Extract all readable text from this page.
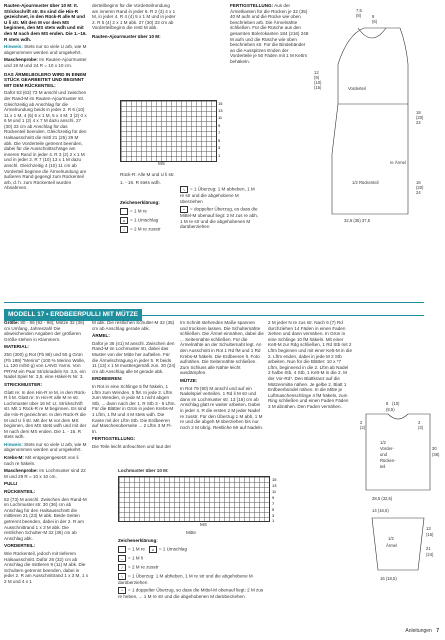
Rauten-Ajourmuster über 10 M: It. Strickschrift str. Es sind die Hin-R gezeichnet, in den Rück-R alle M und U li str. Mit den M vor dem MS beginnen, den MS stets wdh und mit den M nach dem MS enden. Die 1.–16. R stets wdh.

Hinweis: Stets nur so viele U arb, wie M abgenommen werden und umgekehrt.

Maschenprobe: Im Rauten-Ajourmuster und 19 M und 24 R = 10 x 10 cm.

DAS ÄRMELBOLERO WIRD IN EINEM STÜCK GEARBEITET UND BEGINNT MIT DEM RÜCKENTEIL:

Dafür 53 (63) 73 M anschl und zwischen der Rand-M im Rauten-Ajourmuster str. Gleichzeitig ab Anschlag für die Ärmelrundung beids in jeder 2. R 6 (10) 11 x 1 M, 4 (5) 6 x 1 M, 5 x 4 M, 3 (2) 0 x 6 M und 1 (2) 4 x 7 M dazu anschl. 27 (30) 33 cm ab Anschlag für das Rückenteil beenden. Gleichzeitig für den Halsausschnitt die mittl 21 (25) 29 M abk. Die Vorderteile getrennt beenden, dabei für die Ausschnittschräge am inneren Rand in jeder 4. R 3 (2) 2 x 1 M und in jeder 2. R 7 (10) 13 x 1 M dazu anschl. Gleichzeitig 4 (10) 11 cm ab Vorderteil beginne die Ärmelrundung am äußeren Rand gegengl zum Rückenteil arb, d. h. zum Rückenteil wurden Abnahmen.

derteilbeginn für die Vorderteilrundung am inneren Rand in jeder 6. R 2 (3) 4 x 1 M, in jeder 4. R 4 (4) 5 x 1 M und in jeder 2. R 5 (4) 2 x 1 M abk. 27 (30) 33 cm ab Vorderteilbeginn die restl M abk.

Rauten-Ajourmuster über 10 M:

15
13
11
9
7
5
3
1
MS

Rück-R: Alle M und U li str.

1. - 16. R stets wdh.

Zeichenerklärung:

= 1 M re

o = 1 Umschlag

/ = 2 M re zusstr

\ = 1 Überzug: 1 M abheben, 1 M re str und die abgehobene M überziehen

^ = doppelter Überzug, es dass die Mittel-M obenauf liegt: 2 M zus re abh, 1 M re str und die abgehobenen M darüberziehen

FERTIGSTELLUNG: Aus der Ärmelkanten für die Rücken je 32 (35) 40 M aufn und die Rücke wie oben beschrieben arb. Die Ärmelnähte schließen. Für die Rüsche aus den gesamten Bolerokanten 184 (216) 248 M aufn und die Rüsche wie oben beschrieben str. Für die Bindebänder an die Ausspitzen Enden der Vorderteile je 50 Fäden mit 1 M Kettm behäkeln.

7,5
(8)	8
(6)
12
(9)
(10)
(15)	Vorderteil
re Ärmel
1/2 Rückenteil
32,5 (35) 37,5
18
(20)
22
16
(20)
24
MODELL 17 • ERDBEERPULLI MIT MÜTZE

Größe: 80 - 86 (92 - 98); Mütze 32 (36) cm Umfang, Jahreszahl Die abweichenden Angaben der größeren Größe stehen in Klammern.

MATERIAL:

250 (300) g Rot (Fb 86) und 50 g Grün (Fb 189) "Merino" (100 % Merino Wolle, LL 120 m/50 g) von LANG Yarns. Von PRYM ein Paar Stricknadeln Nr. 3,5, ein Nadel Spiel Nr. 3,5, eine Häkel-N Nr. 3.

STRICKMUSTER:

Glatt re: In den Hin-R re M, in den Rück-R li M. Glatt re: In Hin-R alle M re str. Lochmuster über 16 M: Lt. Strickschrift str. Mit 1 Rück-R re M beginnen. Es sind die Hin-R gezeichnet. In den Rück-R die M und U li str. Mit der M vor dem MS beginnen, den MS stets wdh und mit der M nach dem MS enden. Die 1. - 16. R stets wdh.

Hinweis: Stets nur so viele U arb, wie M abgenommen werden und umgekehrt.

Krebs-M: Mit entgegengesetzt von li nach re häkeln.

Maschenprobe: Im Lochmuster sind 22 M und 29 R = 10 x 10 cm.

PULLI

RÜCKENTEIL:

62 (73) M anschl. Zwischen den Rand-M im Lochmuster str. 30 (36) cm ab Anschlag für den Halsausschnitt die mittleren 21 (23) M abk. Beide Seiten getrennt beenden, dabei in der 2. R am Ausschnittrand 1 x 3 M abk. Die restlichen Schulter-M 32 (36) cm ab Anschlag abk.

VORDERTEIL:

Wie Rückenteil, jedoch mit tieferem Halsausschnitt. Dafür 26 (32) cm ab Anschlag die mittleren 9 (11) M abk. Die Schultern getrennt beenden, dabei in jeder 2. R am Ausschnittrand 1 x 3 M, 1 x 2 M und 4 x 1

M abk. Die restlichen Schulter-M 32 (35) cm ab Anschlag gerade abk.

ÄRMEL:

Dafür je 35 (41) M anschl. Zwischen den Rand-M im Lochmuster str, dabei das Muster von der Mitte her aufteilen. Für die Ärmelschrägung in jeder 5. R beids 11 (13) x 1 M musttergemäß zun. 20 (24) cm ab Anschlag alle M gerade abk.

ERDBEEREN:

In Rot in eine Schlinge 5 fM häkeln, 1 Lftm zum Wenden, 5 fM. In jede 2. Lftm zum Wenden, in jede M 1 nicht abgen Stb, ... dann nach der 1. R Stb 3 - 5 Lftm. Für die Blätter in Grün in jeden Krebs-M 1 Lftm, 1 fM und 4 M stets wdh. Die Kante mit der Lftm Stb. Die Erdbeeren auf Maschenoberseite ... 2 Lftm 3 M Fl-tn.

FERTIGSTELLUNG:

Die Teile leicht anfeuchten und laut der

Im Schnitt stehenden Maße spannen und trocknen lassen. Die Schulternähte schließen. Die Ärmel einnähen, dabei die ... Seitennähte schließen. Für die Ärmelnähte an der Schulternaht legt. An den Ausschnitt in Rot 1 Rd fM und 1 Rd Krebs-M häkeln. Die Erdbeeren lt. Foto aufnähen. Die Seitennähte schließen. Zum Schluss alle Nähte leicht ausdämpfen.

MÜTZE:

In Rot 79 (90) M anschl und auf ein Nadelspiel verteilen. 1 Rd li M str und dann im Lochmuster str. 13 (16) cm ab Anschlag glatt re weiter arbeiten. Dabei in jeder 4. R die ersten 2 M jeder Nadel re zusstr. Für den Überzug 1 M abh, 1 M re und die abgeh M überziehen bis nur noch 2 M übrig. Restliche Mr auf Nadeln.

2 M jeder N re zus str. Nach 6 (7) Rd durchziehen 14 Fäden in einen Faden ziehen und dann vernähen. In Grün in eine Schlinge 10 fM häkeln. Mit einer Kett-M zur Rdg schließen, 1 Rd Stb mit 2 Lftm beginnen und mit einer Kett-M in die 2. Lftm enden, dabei in jede M 2 Stb arbeiten. Nun für die Blätter: 10 x *7 Lftm, beginnend in die 2. Lftm ab Nadel 2 halbe Stb, 4 Stb, 1 Kett-M in die 2. M der Vor-Rd*. Den Blattkranz auf die Mützenmitte nähen. Je gelbe 2. Blatt 1 Erdbeerbündel nähen. In die Mitte je Luftmaschenschlinge 4 fM häkeln, zum Ring schließen und einen Faden Fäden 3 M abnähen. Den Faden vernähen.

Lochmuster über 10 M:
15
13
11
9
7
5
3
1
MS
Mitte

Zeichenerklärung:

= 1 M re o = 1 Umschlag

– = 1 M li

/ = 2 M re zusstr

\ = 1 Überzug: 1 M abheben, 1 M re str und die abgehobene M darüberziehen

^ = 1 doppelter Überzug, so dass die Mittel-M obenauf liegt: 2 M zus re heben, ... 1 M re str und die abgehobenen M darüberziehen

8 (10)
(8,5)
2
(2)
2
(3)
1/2
Vorder-
und
Rücken-
teil
30
(36)
28,5 (32,5)
14 (16,5)
13
(15)
1/2
Ärmel
21
(24)
16 (18,5)
Anleitungen 7
